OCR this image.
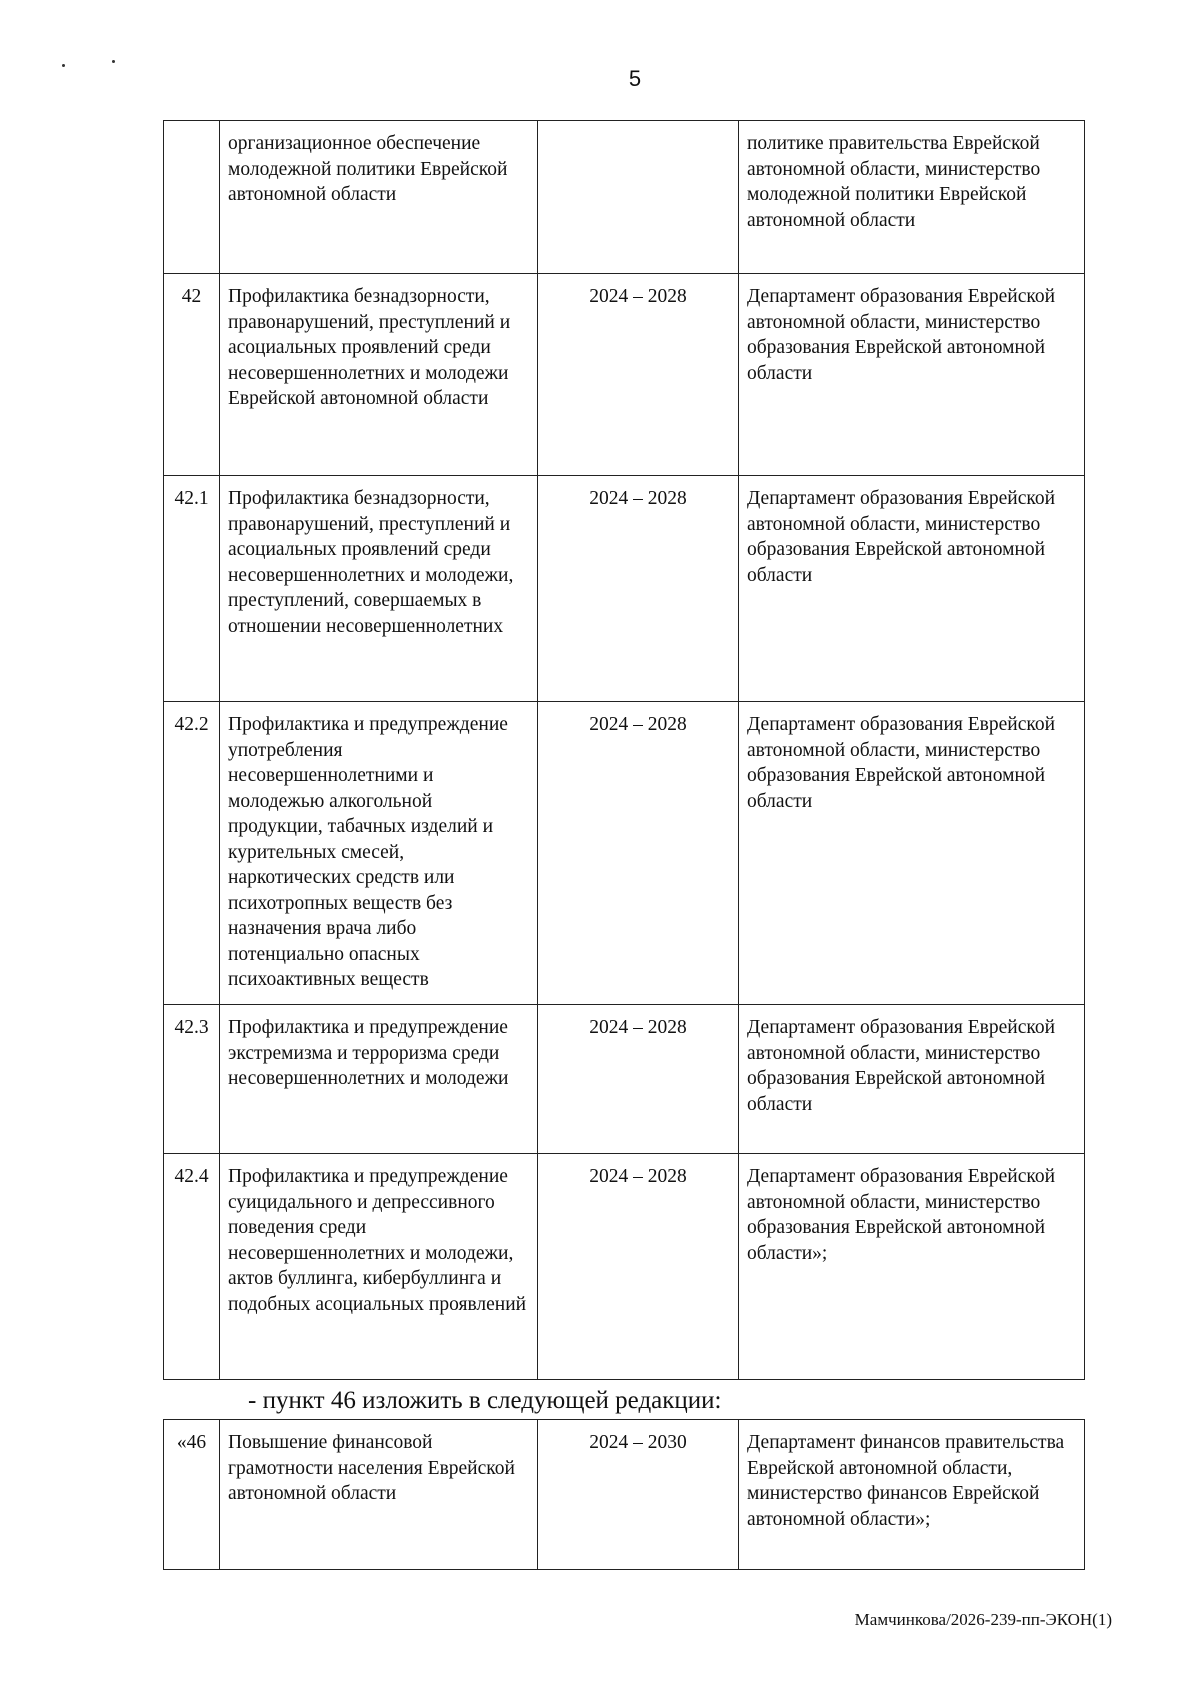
5
	организационное обеспечение молодежной политики Еврейской автономной области		политике правительства Еврейской автономной области, министерство молодежной политики Еврейской автономной области
42	Профилактика безнадзорности, правонарушений, преступлений и асоциальных проявлений среди несовершеннолетних и молодежи Еврейской автономной области	2024 – 2028	Департамент образования Еврейской автономной области, министерство образования Еврейской автономной области
42.1	Профилактика безнадзорности, правонарушений, преступлений и асоциальных проявлений среди несовершеннолетних и молодежи, преступлений, совершаемых в отношении несовершеннолетних	2024 – 2028	Департамент образования Еврейской автономной области, министерство образования Еврейской автономной области
42.2	Профилактика и предупреждение употребления несовершеннолетними и молодежью алкогольной продукции, табачных изделий и курительных смесей, наркотических средств или психотропных веществ без назначения врача либо потенциально опасных психоактивных веществ	2024 – 2028	Департамент образования Еврейской автономной области, министерство образования Еврейской автономной области
42.3	Профилактика и предупреждение экстремизма и терроризма среди несовершеннолетних и молодежи	2024 – 2028	Департамент образования Еврейской автономной области, министерство образования Еврейской автономной области
42.4	Профилактика и предупреждение суицидального и депрессивного поведения среди несовершеннолетних и молодежи, актов буллинга, кибербуллинга и подобных асоциальных проявлений	2024 – 2028	Департамент образования Еврейской автономной области, министерство образования Еврейской автономной области»;
- пункт 46 изложить в следующей редакции:
«46	Повышение финансовой грамотности населения Еврейской автономной области	2024 – 2030	Департамент финансов правительства Еврейской автономной области, министерство финансов Еврейской автономной области»;
Мамчинкова/2026-239-пп-ЭКОН(1)
